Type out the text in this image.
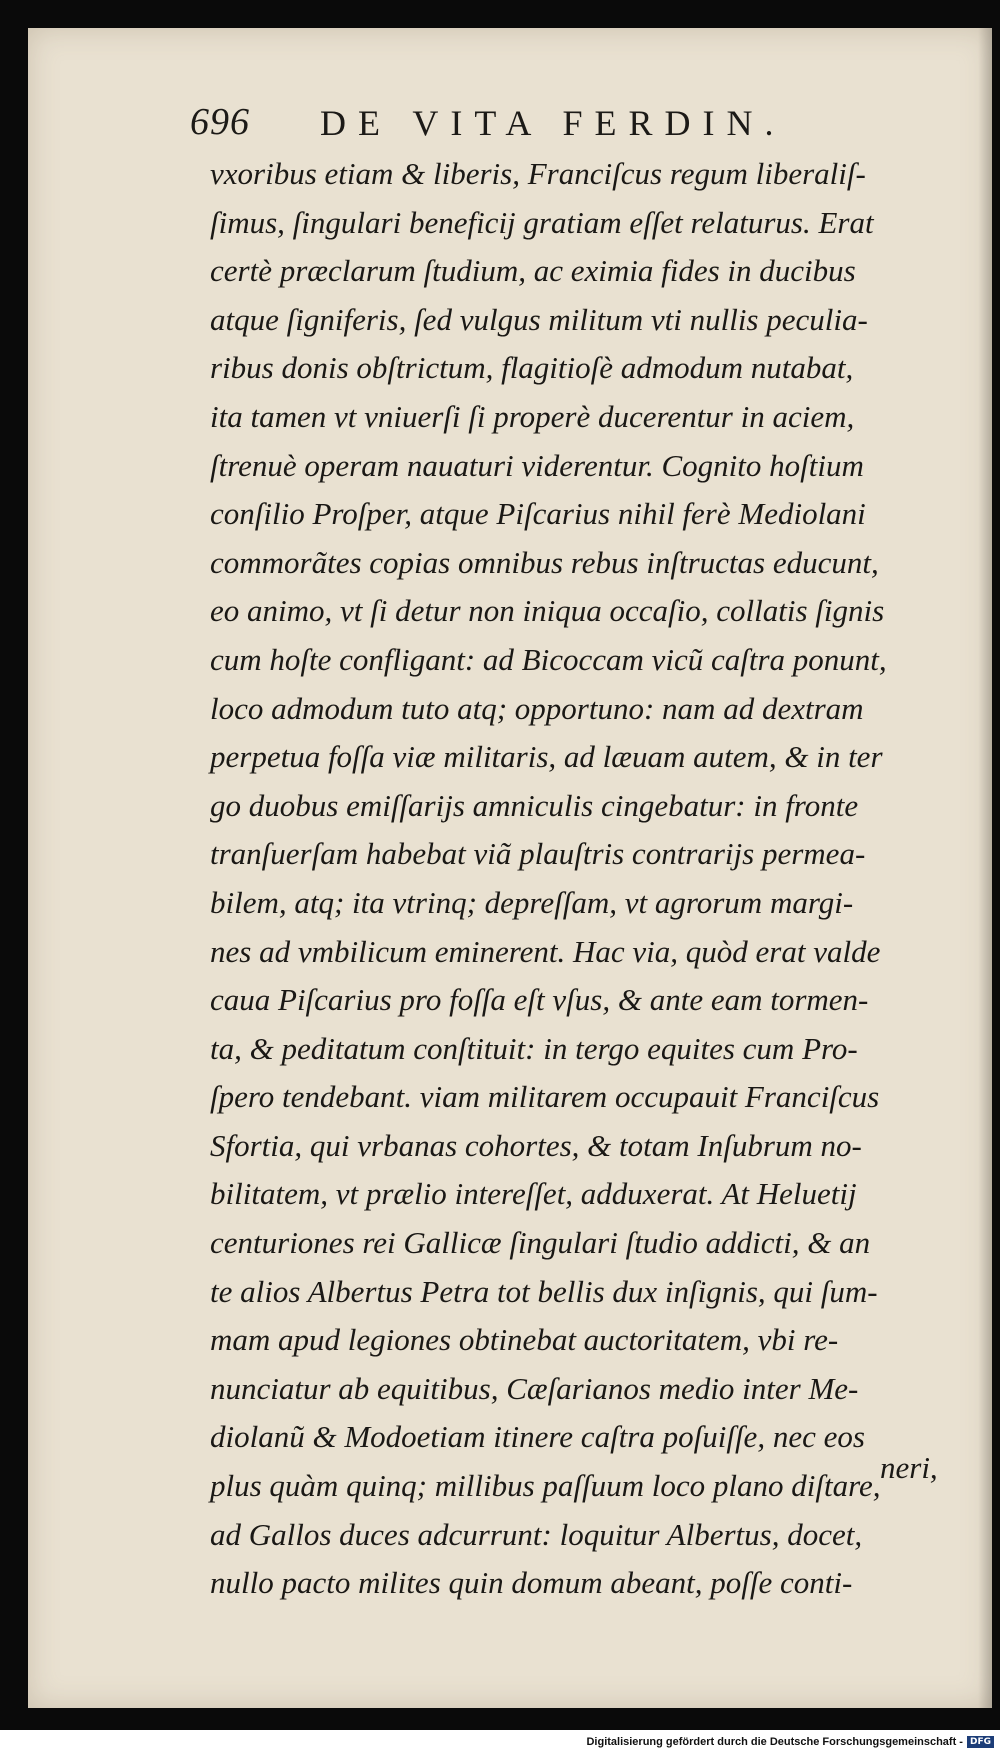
696 DE VITA FERDIN.
vxoribus etiam & liberis, Franciſcus regum liberaliſ-
ſimus, ſingulari beneficij gratiam eſſet relaturus. Erat
certè præclarum ſtudium, ac eximia fides in ducibus
atque ſigniferis, ſed vulgus militum vti nullis peculia-
ribus donis obſtrictum, flagitioſè admodum nutabat,
ita tamen vt vniuerſi ſi properè ducerentur in aciem,
ſtrenuè operam nauaturi viderentur. Cognito hoſtium
conſilio Proſper, atque Piſcarius nihil ferè Mediolani
commorãtes copias omnibus rebus inſtructas educunt,
eo animo, vt ſi detur non iniqua occaſio, collatis ſignis
cum hoſte confligant: ad Bicoccam vicũ caſtra ponunt,
loco admodum tuto atq; opportuno: nam ad dextram
perpetua foſſa viæ militaris, ad læuam autem, & in ter
go duobus emiſſarijs amniculis cingebatur: in fronte
tranſuerſam habebat viã plauſtris contrarijs permea-
bilem, atq; ita vtrinq; depreſſam, vt agrorum margi-
nes ad vmbilicum eminerent. Hac via, quòd erat valde
caua Piſcarius pro foſſa eſt vſus, & ante eam tormen-
ta, & peditatum conſtituit: in tergo equites cum Pro-
ſpero tendebant. viam militarem occupauit Franciſcus
Sfortia, qui vrbanas cohortes, & totam Inſubrum no-
bilitatem, vt prælio intereſſet, adduxerat. At Heluetij
centuriones rei Gallicæ ſingulari ſtudio addicti, & an
te alios Albertus Petra tot bellis dux inſignis, qui ſum-
mam apud legiones obtinebat auctoritatem, vbi re-
nunciatur ab equitibus, Cæſarianos medio inter Me-
diolanũ & Modoetiam itinere caſtra poſuiſſe, nec eos
plus quàm quinq; millibus paſſuum loco plano diſtare,
ad Gallos duces adcurrunt: loquitur Albertus, docet,
nullo pacto milites quin domum abeant, poſſe conti-
neri,
Digitalisierung gefördert durch die Deutsche Forschungsgemeinschaft - DFG
